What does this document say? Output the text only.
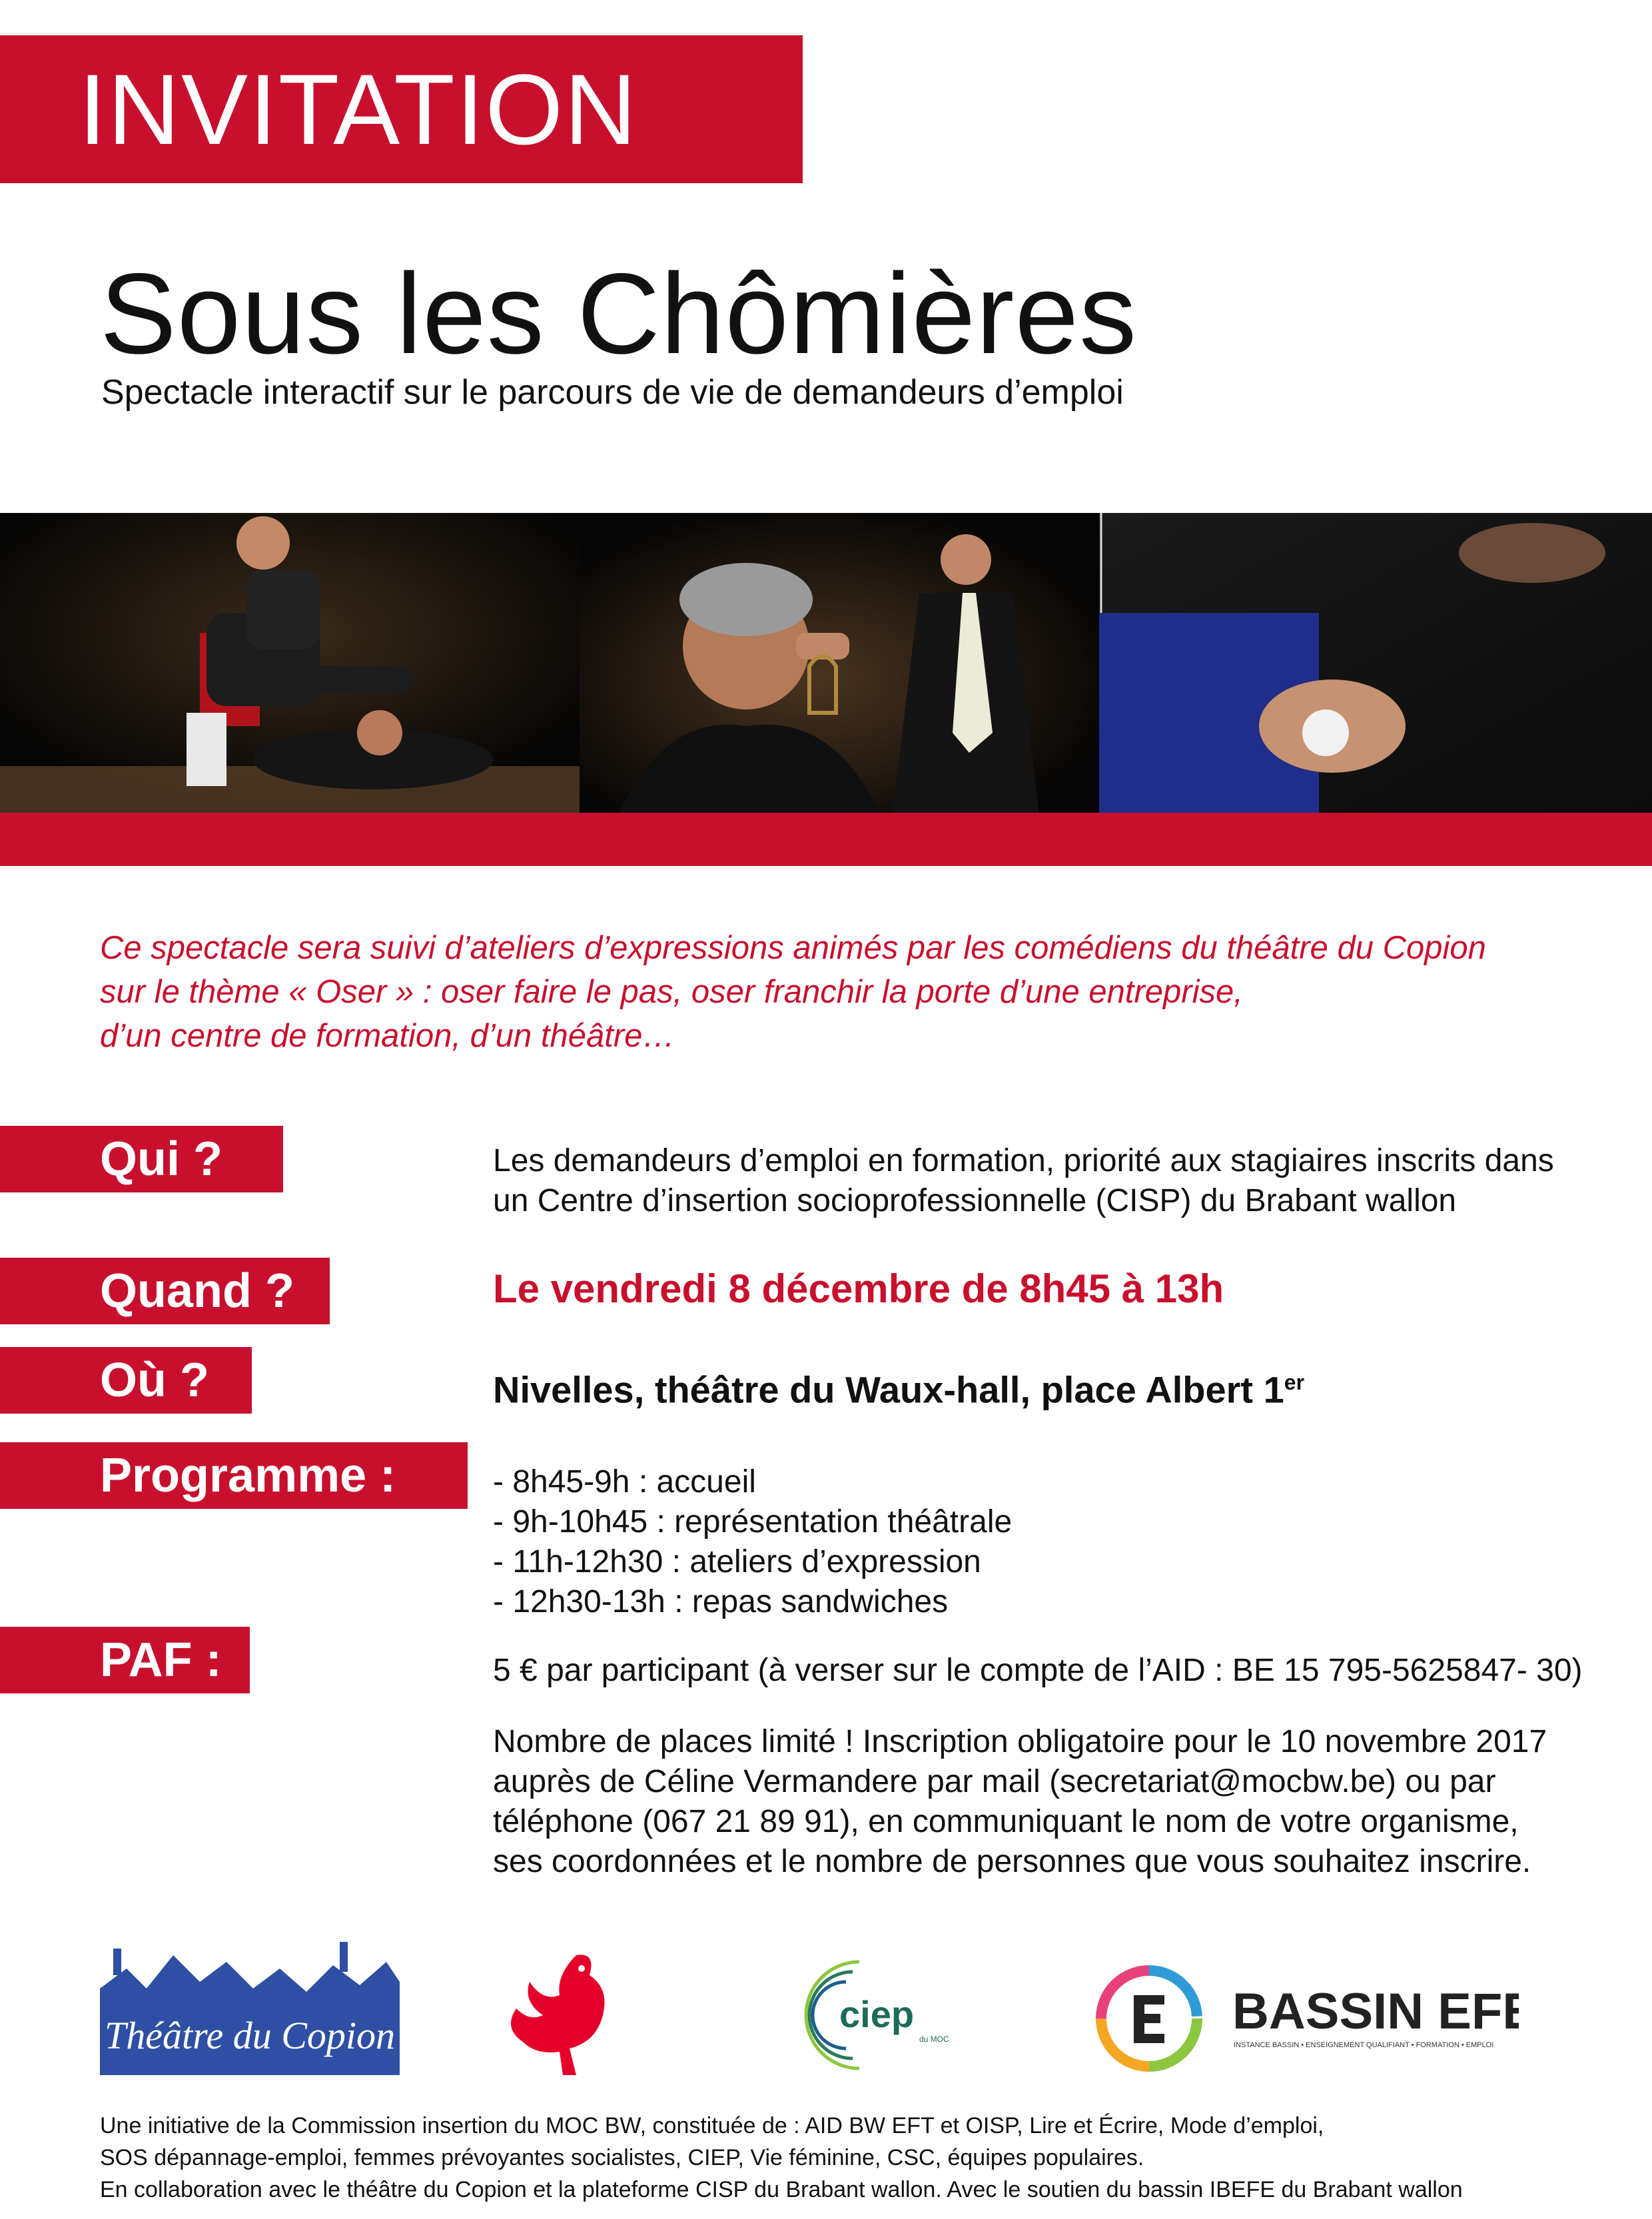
INVITATION
Sous les Chômières
Spectacle interactif sur le parcours de vie de demandeurs d’emploi
Ce spectacle sera suivi d’ateliers d’expressions animés par les comédiens du théâtre du Copion
sur le thème « Oser » : oser faire le pas, oser franchir la porte d’une entreprise,
d’un centre de formation, d’un théâtre…
Qui ?	Les demandeurs d’emploi en formation, priorité aux stagiaires inscrits dans
un Centre d’insertion socioprofessionnelle (CISP) du Brabant wallon
Quand ?	Le vendredi 8 décembre de 8h45 à 13h
Où ?	Nivelles, théâtre du Waux-hall, place Albert 1er
Programme :	- 8h45-9h : accueil
- 9h-10h45 : représentation théâtrale
- 11h-12h30 : ateliers d’expression
- 12h30-13h : repas sandwiches
PAF :	5 € par participant (à verser sur le compte de l’AID : BE 15 795-5625847- 30)
Nombre de places limité ! Inscription obligatoire pour le 10 novembre 2017
auprès de Céline Vermandere par mail (secretariat@mocbw.be) ou par
téléphone (067 21 89 91), en communiquant le nom de votre organisme,
ses coordonnées et le nombre de personnes que vous souhaitez inscrire.
Théâtre du Copion	ciep
du MOC	BASSIN EFE
INSTANCE BASSIN • ENSEIGNEMENT QUALIFIANT • FORMATION • EMPLOI
Une initiative de la Commission insertion du MOC BW, constituée de : AID BW EFT et OISP, Lire et Écrire, Mode d’emploi,
SOS dépannage-emploi, femmes prévoyantes socialistes, CIEP, Vie féminine, CSC, équipes populaires.
En collaboration avec le théâtre du Copion et la plateforme CISP du Brabant wallon. Avec le soutien du bassin IBEFE du Brabant wallon
